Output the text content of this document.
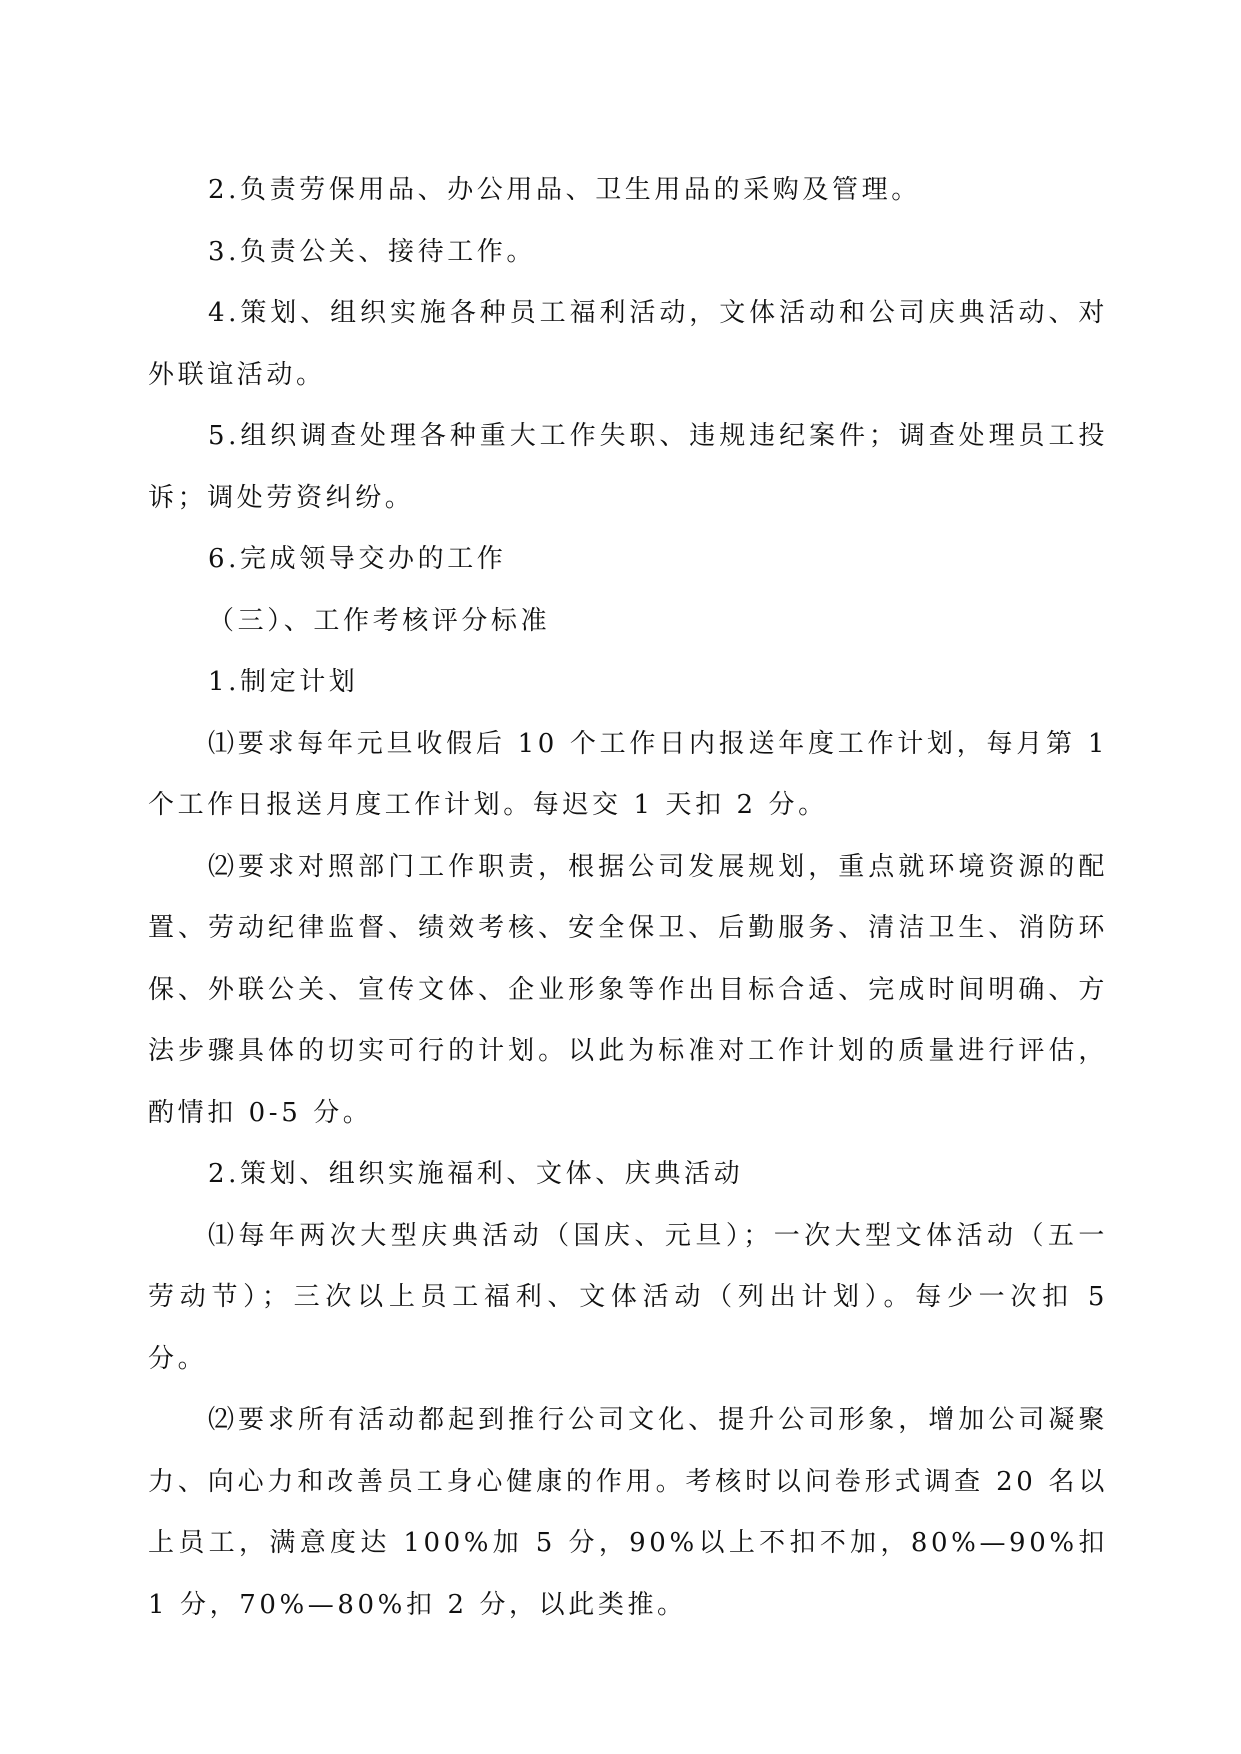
2.负责劳保用品、办公用品、卫生用品的采购及管理。

3.负责公关、接待工作。

4.策划、组织实施各种员工福利活动，文体活动和公司庆典活动、对外联谊活动。

5.组织调查处理各种重大工作失职、违规违纪案件；调查处理员工投诉；调处劳资纠纷。

6.完成领导交办的工作

（三）、工作考核评分标准

1.制定计划

⑴要求每年元旦收假后 10 个工作日内报送年度工作计划，每月第 1 个工作日报送月度工作计划。每迟交 1 天扣 2 分。

⑵要求对照部门工作职责，根据公司发展规划，重点就环境资源的配置、劳动纪律监督、绩效考核、安全保卫、后勤服务、清洁卫生、消防环保、外联公关、宣传文体、企业形象等作出目标合适、完成时间明确、方法步骤具体的切实可行的计划。以此为标准对工作计划的质量进行评估，酌情扣 0-5 分。

2.策划、组织实施福利、文体、庆典活动

⑴每年两次大型庆典活动（国庆、元旦）；一次大型文体活动（五一劳动节）；三次以上员工福利、文体活动（列出计划）。每少一次扣 5 分。

⑵要求所有活动都起到推行公司文化、提升公司形象，增加公司凝聚力、向心力和改善员工身心健康的作用。考核时以问卷形式调查 20 名以上员工，满意度达 100%加 5 分，90%以上不扣不加，80%—90%扣 1 分，70%—80%扣 2 分，以此类推。
